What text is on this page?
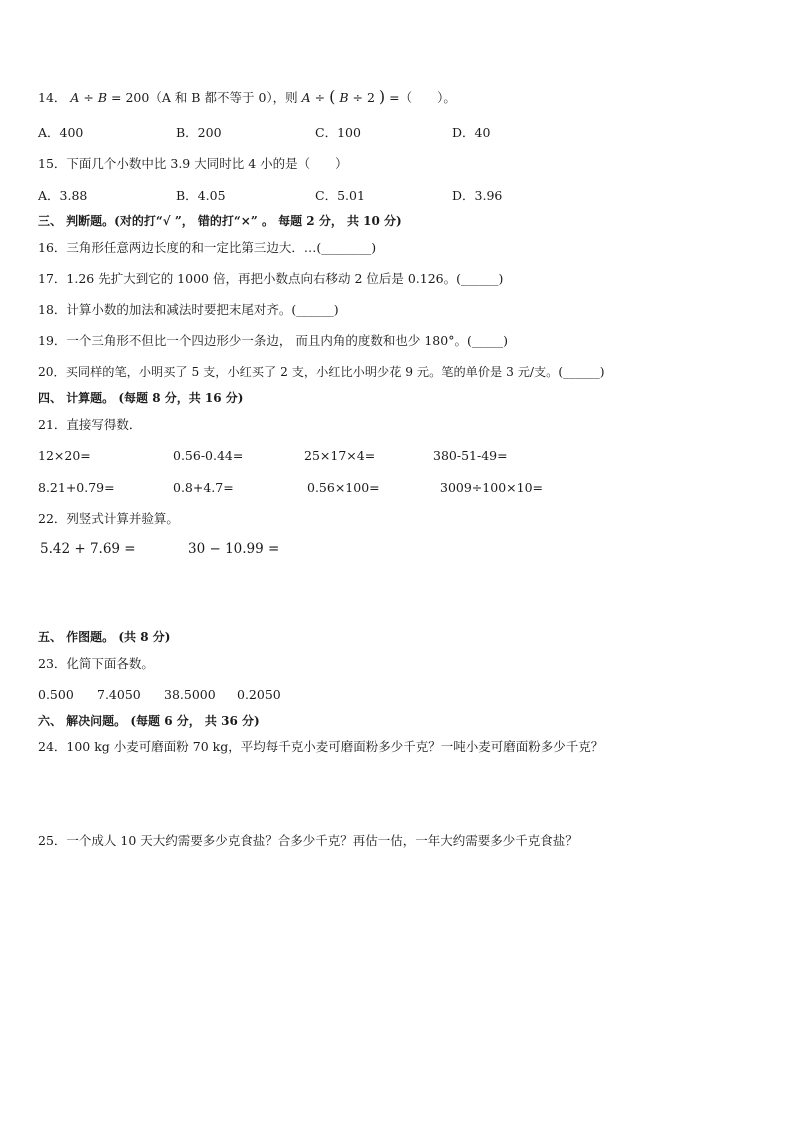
14． A ÷ B = 200（A 和 B 都不等于 0），则 A ÷ ( B ÷ 2 ) =（　　）。
A．400	B．200	C．100	D．40
15．下面几个小数中比 3.9 大同时比 4 小的是（　　）
A．3.88	B．4.05	C．5.01	D．3.96
三、 判断题。(对的打“√ ”， 错的打“×” 。 每题 2 分， 共 10 分)
16．三角形任意两边长度的和一定比第三边大．…(________)
17．1.26 先扩大到它的 1000 倍，再把小数点向右移动 2 位后是 0.126。(______)
18．计算小数的加法和减法时要把末尾对齐。(______)
19．一个三角形不但比一个四边形少一条边， 而且内角的度数和也少 180°。(_____)
20．买同样的笔，小明买了 5 支，小红买了 2 支，小红比小明少花 9 元。笔的单价是 3 元/支。(______)
四、 计算题。 (每题 8 分，共 16 分)
21．直接写得数．
12×20=	0.56-0.44=	25×17×4=	380-51-49=
8.21+0.79=	0.8+4.7=	0.56×100=	3009÷100×10=
22．列竖式计算并验算。
5.42 + 7.69 =	30 − 10.99 =
五、 作图题。 (共 8 分)
23．化简下面各数。
0.500 7.4050 38.5000 0.2050
六、 解决问题。 (每题 6 分， 共 36 分)
24．100 kg 小麦可磨面粉 70 kg，平均每千克小麦可磨面粉多少千克？一吨小麦可磨面粉多少千克？
25．一个成人 10 天大约需要多少克食盐？合多少千克？再估一估，一年大约需要多少千克食盐？
